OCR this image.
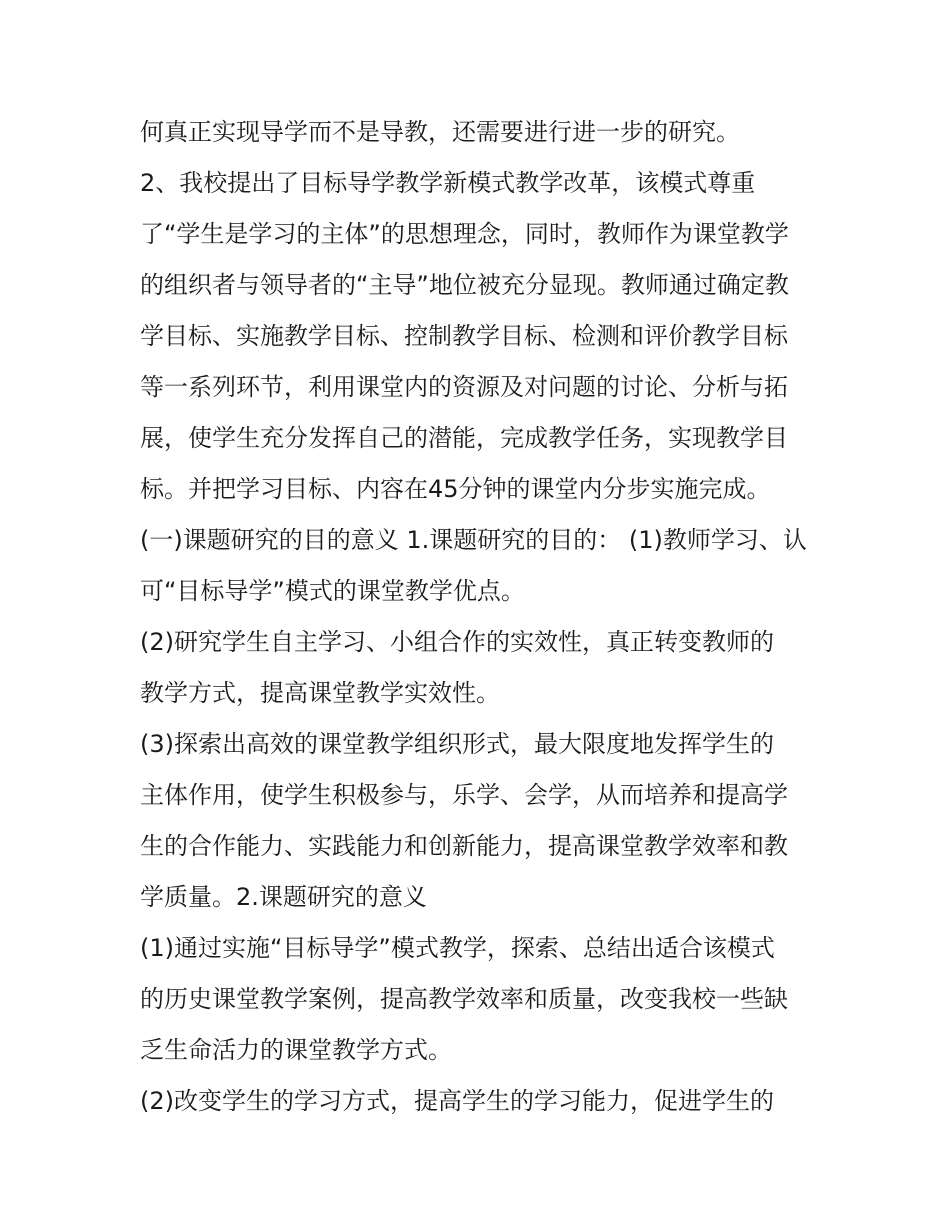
何真正实现导学而不是导教，还需要进行进一步的研究。
2、我校提出了目标导学教学新模式教学改革，该模式尊重
了“学生是学习的主体”的思想理念，同时，教师作为课堂教学
的组织者与领导者的“主导”地位被充分显现。教师通过确定教
学目标、实施教学目标、控制教学目标、检测和评价教学目标
等一系列环节，利用课堂内的资源及对问题的讨论、分析与拓
展，使学生充分发挥自己的潜能，完成教学任务，实现教学目
标。并把学习目标、内容在45分钟的课堂内分步实施完成。
(一)课题研究的目的意义 1.课题研究的目的： (1)教师学习、认
可“目标导学”模式的课堂教学优点。
(2)研究学生自主学习、小组合作的实效性，真正转变教师的
教学方式，提高课堂教学实效性。
(3)探索出高效的课堂教学组织形式，最大限度地发挥学生的
主体作用，使学生积极参与，乐学、会学，从而培养和提高学
生的合作能力、实践能力和创新能力，提高课堂教学效率和教
学质量。2.课题研究的意义
(1)通过实施“目标导学”模式教学，探索、总结出适合该模式
的历史课堂教学案例，提高教学效率和质量，改变我校一些缺
乏生命活力的课堂教学方式。
(2)改变学生的学习方式，提高学生的学习能力，促进学生的
